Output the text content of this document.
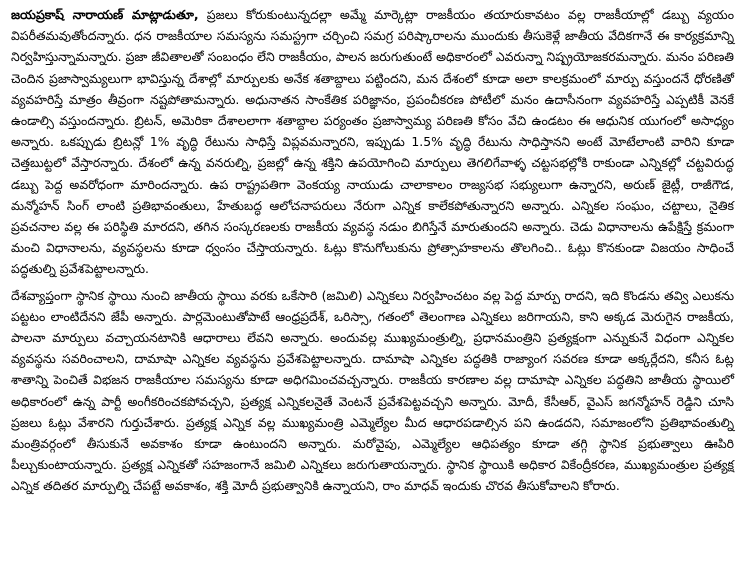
జయప్రకాష్ నారాయణ్ మాట్లాడుతూ, ప్రజలు కోరుకుంటున్నదల్లా అమ్మే మార్కెట్లా రాజకీయం తయారుకావటం వల్ల రాజకీయాల్లో డబ్బు వ్యయం విపరీతమవుతోందన్నారు. ధన రాజకీయాల సమస్యను సమస్ట్రగా చర్చించి సమగ్ర పరిష్కారాలను ముందుకు తీసుకెళ్లే జాతీయ వేదికగానే ఈ కార్యక్రమాన్ని నిర్వహిస్తున్నామన్నారు. ప్రజా జీవితాలతో సంబంధం లేని రాజకీయం, పాలన జరుగుతుంటే అధికారంలో ఎవరున్నా నిష్ప్రయోజకరమన్నారు. మనం పరిణతి చెందిన ప్రజాస్వామ్యలుగా భావిస్తున్న దేశాల్లో మార్పులకు అనేక శతాబ్దాలు పట్టిందని, మన దేశంలో కూడా అలా కాలక్రమంలో మార్పు వస్తుందనే ధోరణితో వ్యవహరిస్తే మాత్రం తీవ్రంగా నష్టపోతామన్నారు. అధునాతన సాంకేతిక పరిజ్ఞానం, ప్రపంచీకరణ పోటీలో మనం ఉదాసీనంగా వ్యవహరిస్తే ఎప్పటికీ వెనకే ఉండాల్సి వస్తుందన్నారు. బ్రిటన్, అమెరికా దేశాలలాగా శతాబ్దాల పర్యంతం ప్రజాస్వామ్య పరిణతి కోసం వేచి ఉండటం ఈ ఆధునిక యుగంలో అసాధ్యం అన్నారు. ఒకప్పుడు బ్రిటన్లో 1% వృద్ధి రేటును సాధిస్తే విప్లవమన్నారని, ఇప్పుడు 1.5% వృద్ధి రేటును సాధిస్తానని అంటే మోటేలాంటి వారిని కూడా చెత్తబుట్టలో వేస్తారన్నారు. దేశంలో ఉన్న వనరుల్ని, ప్రజల్లో ఉన్న శక్తిని ఉపయోగించి మార్పులు తెగలిగేవాళ్ళ చట్టసభల్లోకి రాకుండా ఎన్నికల్లో చట్టవిరుద్ధ డబ్బు పెద్ద అవరోధంగా మారిందన్నారు. ఉప రాష్ట్రపతిగా వెంకయ్య నాయుడు చాలాకాలం రాజ్యసభ సభ్యులుగా ఉన్నారని, అరుణ్ జైట్లీ, రాజీగౌడ, మన్మోహన్ సింగ్ లాంటి ప్రతిభావంతులు, హేతుబద్ధ ఆలోచనాపరులు నేరుగా ఎన్నిక కాలేకపోతున్నారని అన్నారు. ఎన్నికల సంఘం, చట్టాలు, నైతిక ప్రవచనాల వల్ల ఈ పరిస్థితి మారదని, తగిన సంస్కరణలకు రాజకీయ వ్యవస్థ నడుం బిగిస్తేనే మారుతుందని అన్నారు. చెడు విధానాలను ఉపేక్షిస్తే క్రమంగా మంచి విధానాలను, వ్యవస్థలను కూడా ధ్వంసం చేస్తాయన్నారు. ఓట్లు కొనుగోలుకును ప్రోత్సాహకాలను తొలగించి.. ఓట్లు కొనకుండా విజయం సాధించే పద్ధతుల్ని ప్రవేశపెట్టాలన్నారు.

దేశవ్యాప్తంగా స్థానిక స్థాయి నుంచి జాతీయ స్థాయి వరకు ఒకేసారి (జమిలి) ఎన్నికలు నిర్వహించటం వల్ల పెద్ద మార్పు రాదని, ఇది కొండను తవ్వి ఎలుకను పట్టటం లాంటిదేనని జేపీ అన్నారు. పార్లమెంటుతోపాటే ఆంధ్రప్రదేశ్, ఒరిస్సా, గతంలో తెలంగాణ ఎన్నికలు జరిగాయని, కాని అక్కడ మెరుగైన రాజకీయ, పాలనా మార్పులు వచ్చాయనటానికి ఆధారాలు లేవని అన్నారు. అందువల్ల ముఖ్యమంత్రుల్ని, ప్రధానమంత్రిని ప్రత్యక్షంగా ఎన్నుకునే విధంగా ఎన్నికల వ్యవస్థను సవరించాలని, దామాషా ఎన్నికల వ్యవస్థను ప్రవేశపెట్టాలన్నారు. దామాషా ఎన్నికల పద్ధతికి రాజ్యాంగ సవరణ కూడా అక్కర్లేదని, కనీస ఓట్ల శాతాన్ని పెంచితే విభజన రాజకీయాల సమస్యను కూడా అధిగమించవచ్చన్నారు. రాజకీయ కారణాల వల్ల దామాషా ఎన్నికల పద్ధతిని జాతీయ స్థాయిలో అధికారంలో ఉన్న పార్టీ అంగీకరించకపోవచ్చని, ప్రత్యక్ష ఎన్నికలనైతే వెంటనే ప్రవేశపెట్టవచ్చని అన్నారు. మోదీ, కేసీఆర్, వైఎస్ జగన్మోహన్ రెడ్డిని చూసి ప్రజలు ఓట్లు వేశారని గుర్తుచేశారు. ప్రత్యక్ష ఎన్నిక వల్ల ముఖ్యమంత్రి ఎమ్మెల్యేల మీద ఆధారపడాల్సిన పని ఉండదని, సమాజంలోని ప్రతిభావంతుల్ని మంత్రివర్గంలో తీసుకునే అవకాశం కూడా ఉంటుందని అన్నారు. మరోవైపు, ఎమ్మెల్యేల ఆధిపత్యం కూడా తగ్గి స్థానిక ప్రభుత్వాలు ఊపిరి పీల్చుకుంటాయన్నారు. ప్రత్యక్ష ఎన్నికతో సహజంగానే జమిలి ఎన్నికలు జరుగుతాయన్నారు. స్థానిక స్థాయికి అధికార వికేంద్రీకరణ, ముఖ్యమంత్రుల ప్రత్యక్ష ఎన్నిక తదితర మార్పుల్ని చేపట్టే అవకాశం, శక్తి మోదీ ప్రభుత్వానికి ఉన్నాయని, రాం మాధవ్ ఇందుకు చొరవ తీసుకోవాలని కోరారు.
